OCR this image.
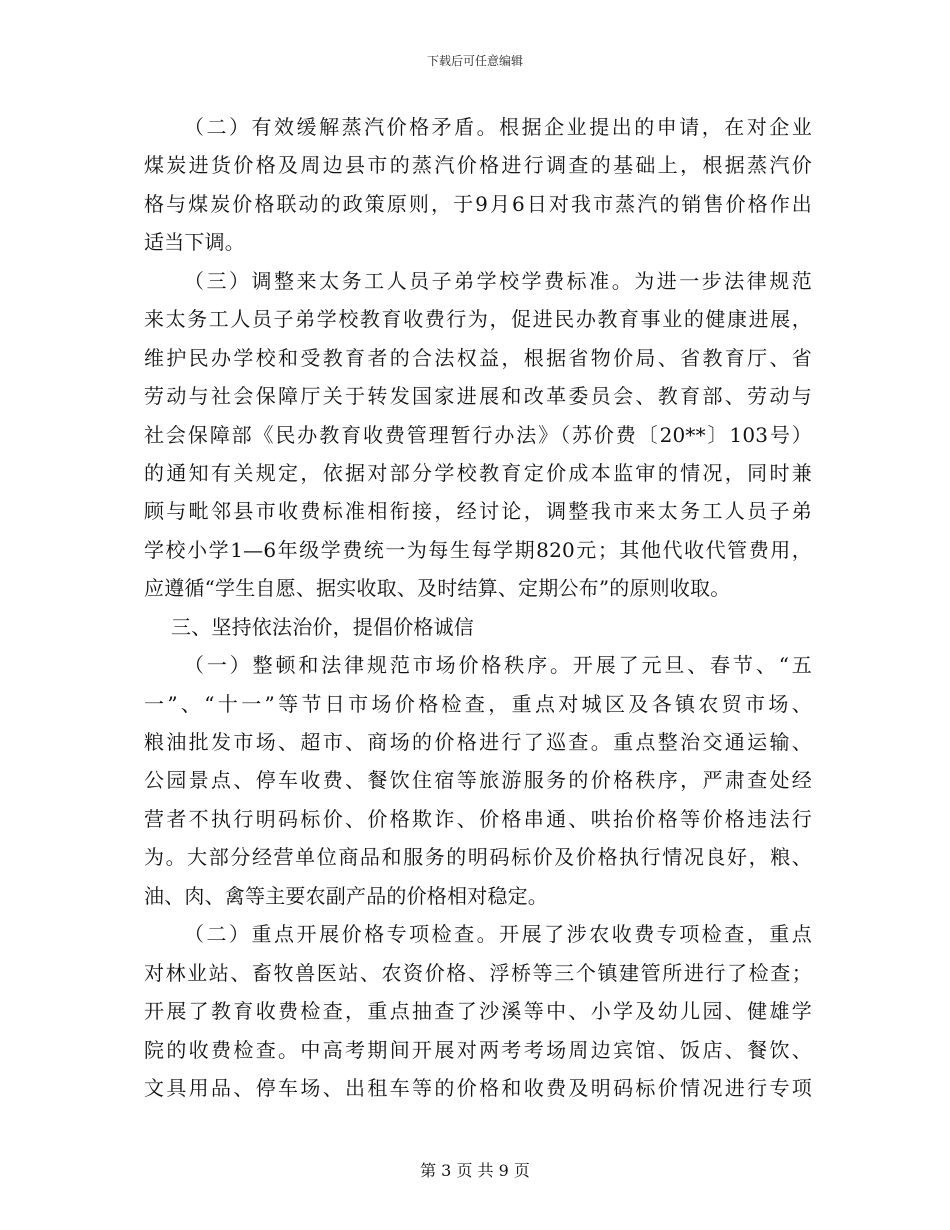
下载后可任意编辑
（二）有效缓解蒸汽价格矛盾。根据企业提出的申请，在对企业
煤炭进货价格及周边县市的蒸汽价格进行调查的基础上，根据蒸汽价
格与煤炭价格联动的政策原则，于9月6日对我市蒸汽的销售价格作出
适当下调。
（三）调整来太务工人员子弟学校学费标准。为进一步法律规范
来太务工人员子弟学校教育收费行为，促进民办教育事业的健康进展，
维护民办学校和受教育者的合法权益，根据省物价局、省教育厅、省
劳动与社会保障厅关于转发国家进展和改革委员会、教育部、劳动与
社会保障部《民办教育收费管理暂行办法》（苏价费〔20**〕103号）
的通知有关规定，依据对部分学校教育定价成本监审的情况，同时兼
顾与毗邻县市收费标准相衔接，经讨论，调整我市来太务工人员子弟
学校小学1—6年级学费统一为每生每学期820元；其他代收代管费用，
应遵循“学生自愿、据实收取、及时结算、定期公布”的原则收取。
三、坚持依法治价，提倡价格诚信
（一）整顿和法律规范市场价格秩序。开展了元旦、春节、“五
一”、“十一”等节日市场价格检查，重点对城区及各镇农贸市场、
粮油批发市场、超市、商场的价格进行了巡查。重点整治交通运输、
公园景点、停车收费、餐饮住宿等旅游服务的价格秩序，严肃查处经
营者不执行明码标价、价格欺诈、价格串通、哄抬价格等价格违法行
为。大部分经营单位商品和服务的明码标价及价格执行情况良好，粮、
油、肉、禽等主要农副产品的价格相对稳定。
（二）重点开展价格专项检查。开展了涉农收费专项检查，重点
对林业站、畜牧兽医站、农资价格、浮桥等三个镇建管所进行了检查；
开展了教育收费检查，重点抽查了沙溪等中、小学及幼儿园、健雄学
院的收费检查。中高考期间开展对两考考场周边宾馆、饭店、餐饮、
文具用品、停车场、出租车等的价格和收费及明码标价情况进行专项
第 3 页 共 9 页
